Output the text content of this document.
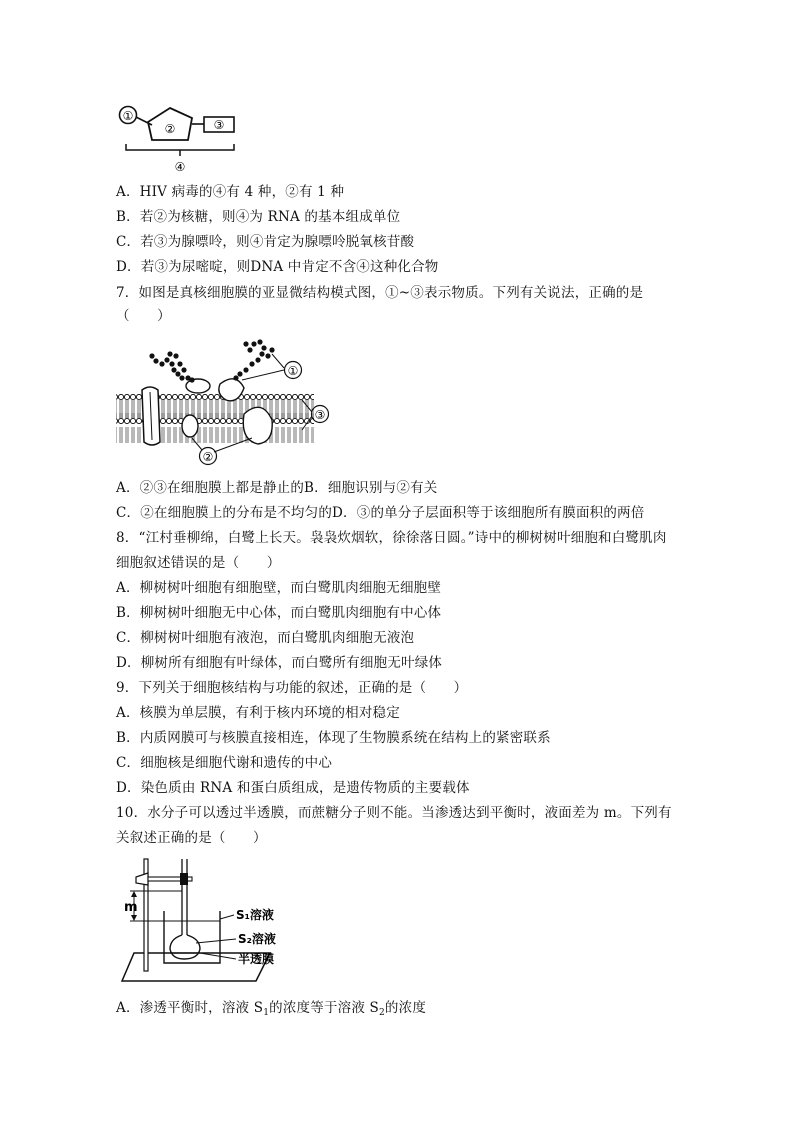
①
②	③
④
A．HIV 病毒的④有 4 种，②有 1 种
B．若②为核糖，则④为 RNA 的基本组成单位
C．若③为腺嘌呤，则④肯定为腺嘌呤脱氧核苷酸
D．若③为尿嘧啶，则DNA 中肯定不含④这种化合物
7．如图是真核细胞膜的亚显微结构模式图，①~③表示物质。下列有关说法，正确的是
（　　）
①
③
②
A．②③在细胞膜上都是静止的B．细胞识别与②有关
C．②在细胞膜上的分布是不均匀的D．③的单分子层面积等于该细胞所有膜面积的两倍
8．“江村垂柳绵，白鹭上长天。袅袅炊烟软，徐徐落日圆。”诗中的柳树树叶细胞和白鹭肌肉
细胞叙述错误的是（　　）
A．柳树树叶细胞有细胞壁，而白鹭肌肉细胞无细胞壁
B．柳树树叶细胞无中心体，而白鹭肌肉细胞有中心体
C．柳树树叶细胞有液泡，而白鹭肌肉细胞无液泡
D．柳树所有细胞有叶绿体，而白鹭所有细胞无叶绿体
9．下列关于细胞核结构与功能的叙述，正确的是（　　）
A．核膜为单层膜，有利于核内环境的相对稳定
B．内质网膜可与核膜直接相连，体现了生物膜系统在结构上的紧密联系
C．细胞核是细胞代谢和遗传的中心
D．染色质由 RNA 和蛋白质组成，是遗传物质的主要载体
10．水分子可以透过半透膜，而蔗糖分子则不能。当渗透达到平衡时，液面差为 m。下列有
关叙述正确的是（　　）
m	S₁溶液
S₂溶液
半透膜
A．渗透平衡时，溶液 $S_1$的浓度等于溶液 $S_2$的浓度
